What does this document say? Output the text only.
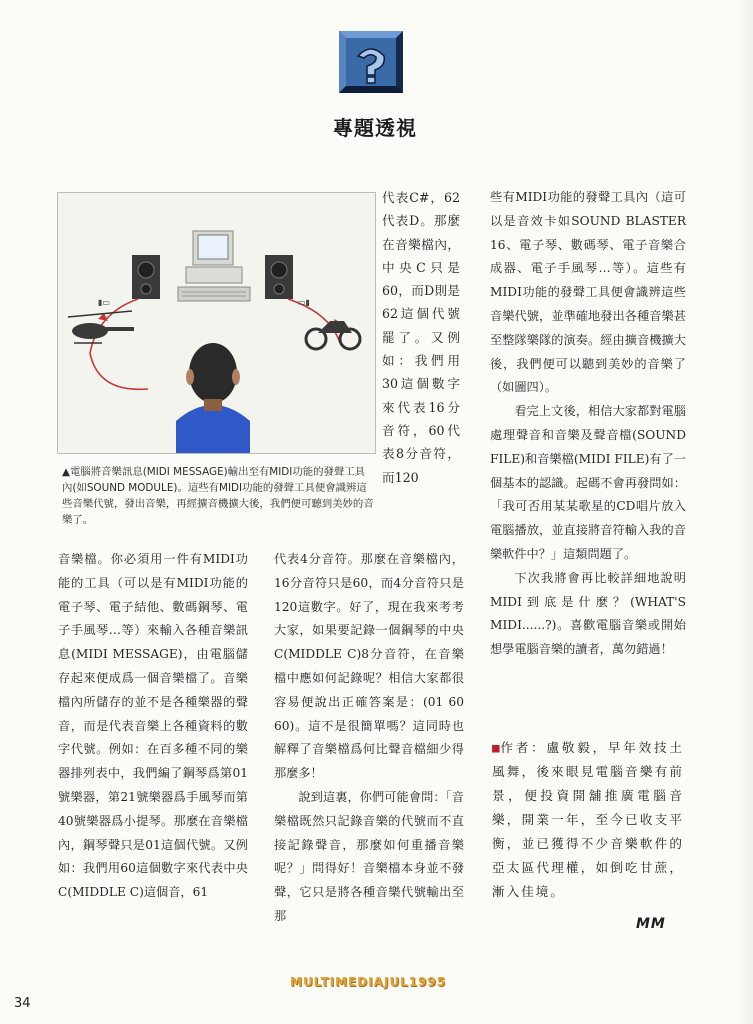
專題透視
▮▭	▭▮
▲電腦將音樂訊息(MIDI MESSAGE)輸出至有MIDI功能的發聲工具內(如SOUND MODULE)。這些有MIDI功能的發聲工具便會識辨這些音樂代號，發出音樂，再經擴音機擴大後，我們便可聽到美妙的音樂了。

代表C#，62代表D。那麼在音樂檔內，中央C只是60，而D則是62這個代號罷了。又例如：我們用30這個數字來代表16分音符，60代表8分音符，而120

音樂檔。你必須用一件有MIDI功能的工具（可以是有MIDI功能的電子琴、電子結他、數碼鋼琴、電子手風琴…等）來輸入各種音樂訊息(MIDI MESSAGE)，由電腦儲存起來便成爲一個音樂檔了。音樂檔內所儲存的並不是各種樂器的聲音，而是代表音樂上各種資料的數字代號。例如：在百多種不同的樂器排列表中，我們編了鋼琴爲第01號樂器，第21號樂器爲手風琴而第40號樂器爲小提琴。那麼在音樂檔內，鋼琴聲只是01這個代號。又例如：我們用60這個數字來代表中央C(MIDDLE C)這個音，61

代表4分音符。那麼在音樂檔內，16分音符只是60，而4分音符只是120這數字。好了，現在我來考考大家，如果要記錄一個鋼琴的中央C(MIDDLE C)8分音符，在音樂檔中應如何記錄呢？相信大家都很容易便說出正確答案是：(01 60 60)。這不是很簡單嗎？這同時也解釋了音樂檔爲何比聲音檔細少得那麼多！

說到這裏，你們可能會問：「音樂檔既然只記錄音樂的代號而不直接記錄聲音，那麼如何重播音樂呢？」問得好！音樂檔本身並不發聲，它只是將各種音樂代號輸出至那

些有MIDI功能的發聲工具內（這可以是音效卡如SOUND BLASTER 16、電子琴、數碼琴、電子音樂合成器、電子手風琴…等）。這些有MIDI功能的發聲工具便會識辨這些音樂代號，並準確地發出各種音樂甚至整隊樂隊的演奏。經由擴音機擴大後，我們便可以聽到美妙的音樂了（如圖四）。

看完上文後，相信大家都對電腦處理聲音和音樂及聲音檔(SOUND FILE)和音樂檔(MIDI FILE)有了一個基本的認識。起碼不會再發問如：「我可否用某某歌星的CD唱片放入電腦播放，並直接將音符輸入我的音樂軟件中？」這類問題了。

下次我將會再比較詳細地說明MIDI到底是什麼？(WHAT'S MIDI......?)。喜歡電腦音樂或開始想學電腦音樂的讀者，萬勿錯過！

■作者：盧敬毅，早年效技土風舞，後來眼見電腦音樂有前景，便投資開舖推廣電腦音樂，開業一年，至今已收支平衡，並已獲得不少音樂軟件的亞太區代理權，如倒吃甘蔗，漸入佳境。
MM
MULTIMEDIAJUL1995
34
